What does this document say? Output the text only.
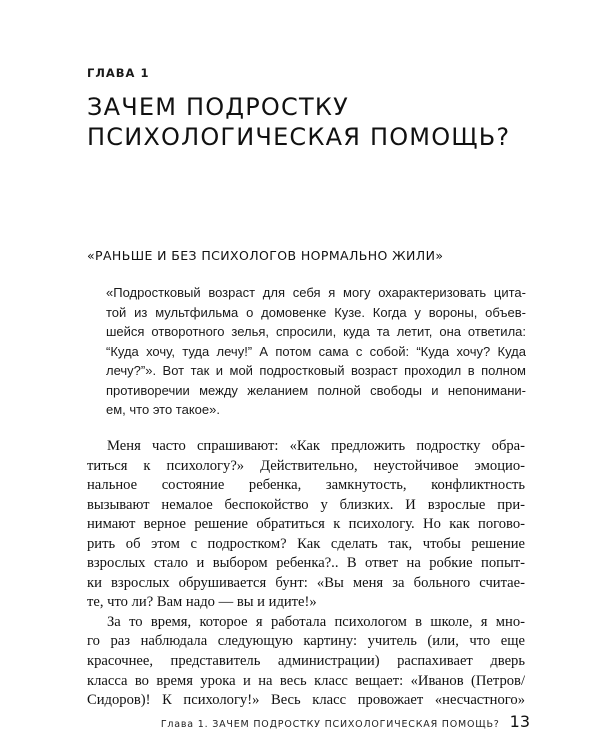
ГЛАВА 1
ЗАЧЕМ ПОДРОСТКУ
ПСИХОЛОГИЧЕСКАЯ ПОМОЩЬ?
«РАНЬШЕ И БЕЗ ПСИХОЛОГОВ НОРМАЛЬНО ЖИЛИ»
«Подростковый возраст для себя я могу охарактеризовать цита-
той из мультфильма о домовенке Кузе. Когда у вороны, объев-
шейся отворотного зелья, спросили, куда та летит, она ответила:
“Куда хочу, туда лечу!” А потом сама с собой: “Куда хочу? Куда
лечу?”». Вот так и мой подростковый возраст проходил в полном
противоречии между желанием полной свободы и непонимани-
ем, что это такое».
Меня часто спрашивают: «Как предложить подростку обра-
титься к психологу?» Действительно, неустойчивое эмоцио-
нальное состояние ребенка, замкнутость, конфликтность
вызывают немалое беспокойство у близких. И взрослые при-
нимают верное решение обратиться к психологу. Но как погово-
рить об этом с подростком? Как сделать так, чтобы решение
взрослых стало и выбором ребенка?.. В ответ на робкие попыт-
ки взрослых обрушивается бунт: «Вы меня за больного считае-
те, что ли? Вам надо — вы и идите!»
За то время, которое я работала психологом в школе, я мно-
го раз наблюдала следующую картину: учитель (или, что еще
красочнее, представитель администрации) распахивает дверь
класса во время урока и на весь класс вещает: «Иванов (Петров/
Сидоров)! К психологу!» Весь класс провожает «несчастного»
Глава 1. ЗАЧЕМ ПОДРОСТКУ ПСИХОЛОГИЧЕСКАЯ ПОМОЩЬ? 13
